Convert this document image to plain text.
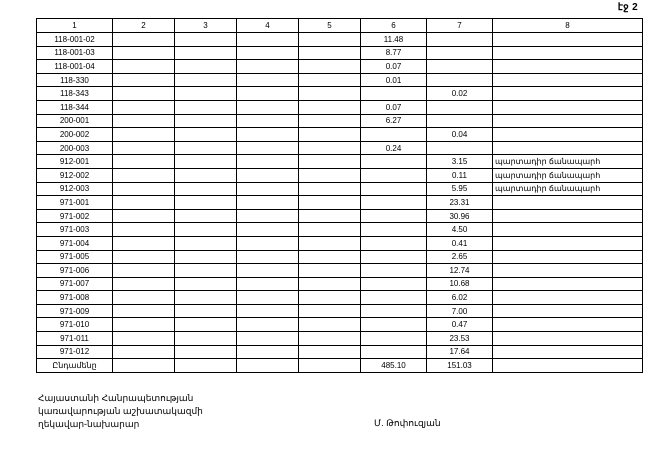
էջ 2
1	2	3	4	5	6	7	8
118-001-02					11.48		
118-001-03					8.77		
118-001-04					0.07		
118-330					0.01		
118-343						0.02	
118-344					0.07		
200-001					6.27		
200-002						0.04	
200-003					0.24		
912-001						3.15	պարտադիր ճանապարհ
912-002						0.11	պարտադիր ճանապարհ
912-003						5.95	պարտադիր ճանապարհ
971-001						23.31	
971-002						30.96	
971-003						4.50	
971-004						0.41	
971-005						2.65	
971-006						12.74	
971-007						10.68	
971-008						6.02	
971-009						7.00	
971-010						0.47	
971-011						23.53	
971-012						17.64	
Ընդամենը					485.10	151.03	
Հայաստանի Հանրապետության
կառավարության աշխատակազմի
ղեկավար-նախարար	Մ. Թոփուզյան
